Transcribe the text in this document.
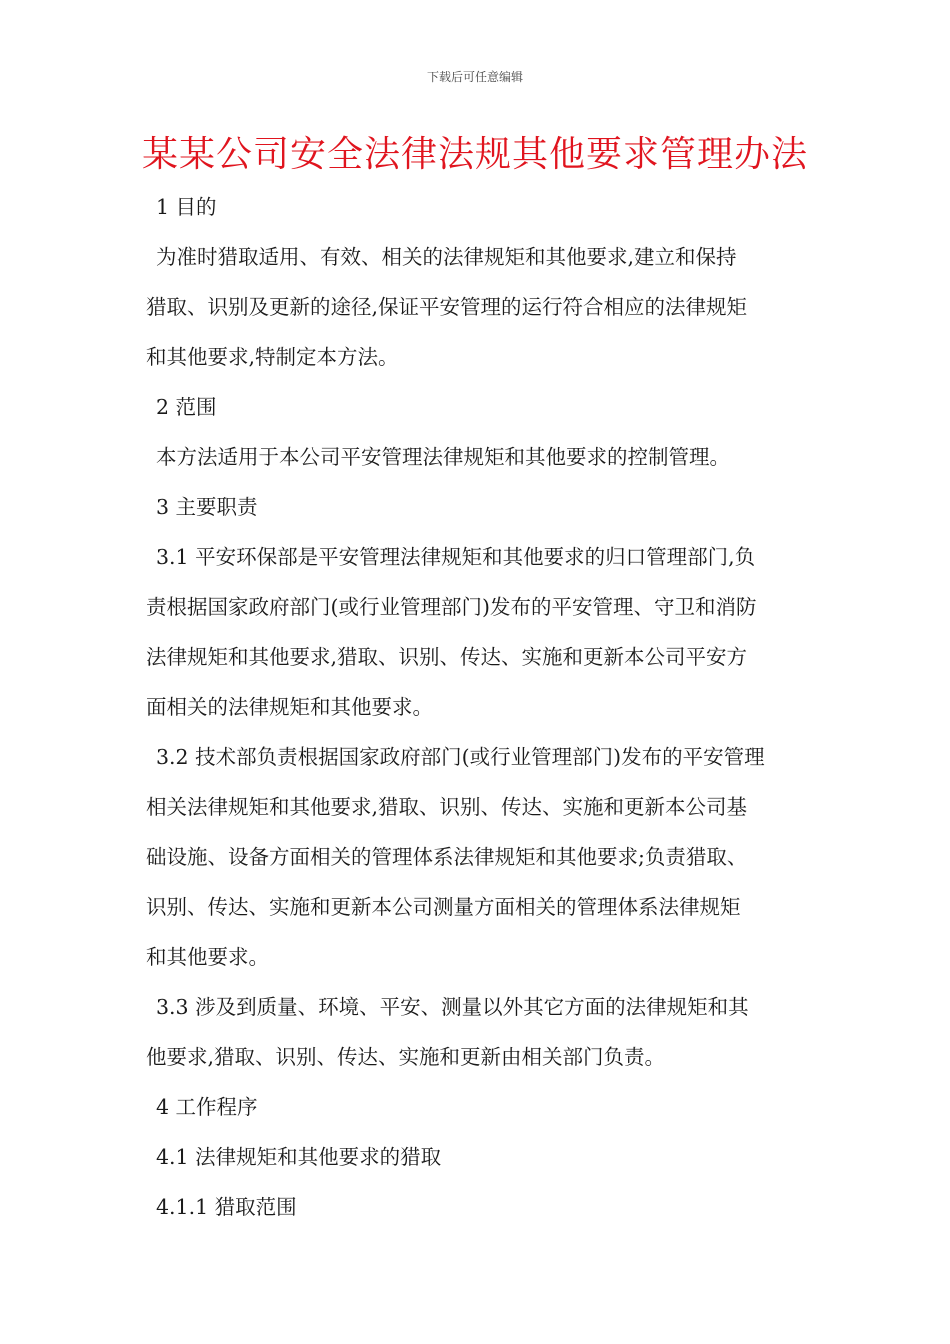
下载后可任意编辑
某某公司安全法律法规其他要求管理办法
1 目的
为准时猎取适用、有效、相关的法律规矩和其他要求,建立和保持
猎取、识别及更新的途径,保证平安管理的运行符合相应的法律规矩
和其他要求,特制定本方法。
2 范围
本方法适用于本公司平安管理法律规矩和其他要求的控制管理。
3 主要职责
3.1 平安环保部是平安管理法律规矩和其他要求的归口管理部门,负
责根据国家政府部门(或行业管理部门)发布的平安管理、守卫和消防
法律规矩和其他要求,猎取、识别、传达、实施和更新本公司平安方
面相关的法律规矩和其他要求。
3.2 技术部负责根据国家政府部门(或行业管理部门)发布的平安管理
相关法律规矩和其他要求,猎取、识别、传达、实施和更新本公司基
础设施、设备方面相关的管理体系法律规矩和其他要求;负责猎取、
识别、传达、实施和更新本公司测量方面相关的管理体系法律规矩
和其他要求。
3.3 涉及到质量、环境、平安、测量以外其它方面的法律规矩和其
他要求,猎取、识别、传达、实施和更新由相关部门负责。
4 工作程序
4.1 法律规矩和其他要求的猎取
4.1.1 猎取范围
